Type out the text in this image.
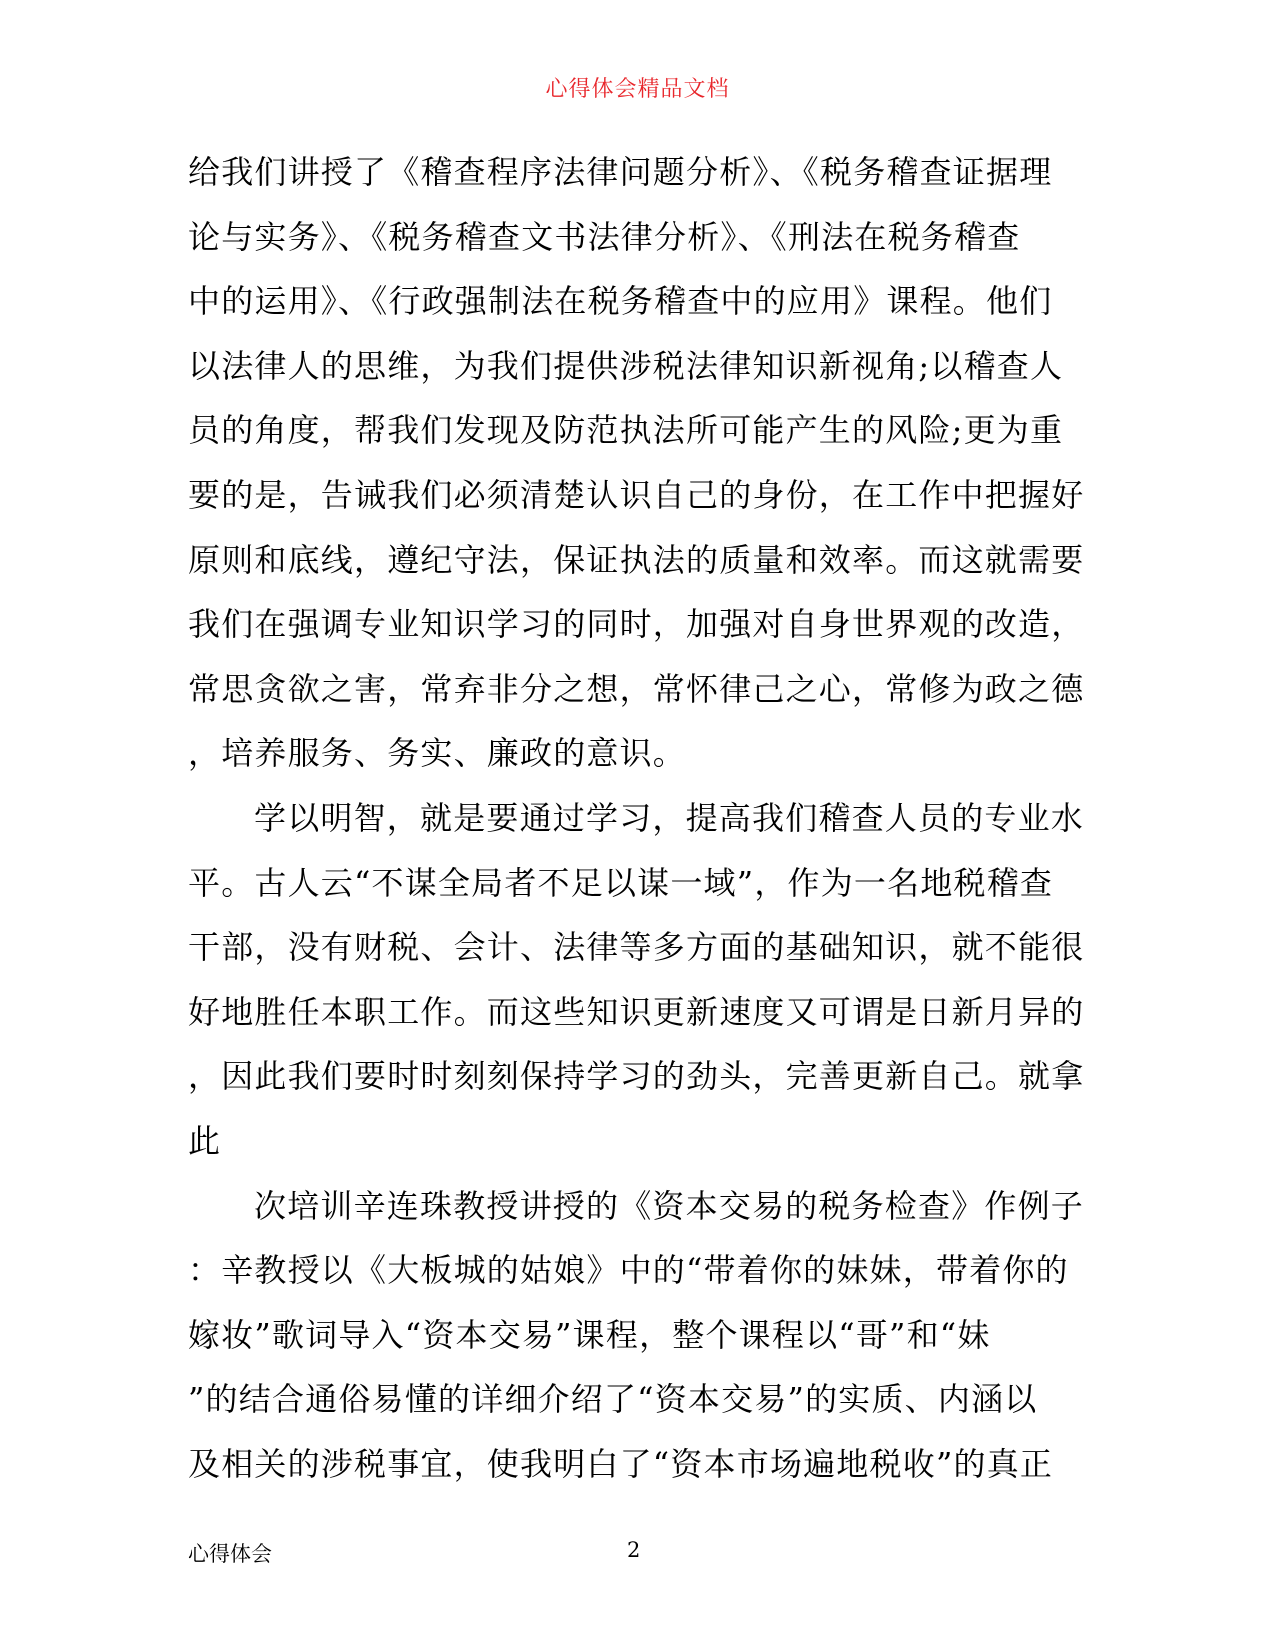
心得体会精品文档
给我们讲授了《稽查程序法律问题分析》、《税务稽查证据理
论与实务》、《税务稽查文书法律分析》、《刑法在税务稽查
中的运用》、《行政强制法在税务稽查中的应用》课程。他们
以法律人的思维，为我们提供涉税法律知识新视角;以稽查人
员的角度，帮我们发现及防范执法所可能产生的风险;更为重
要的是，告诫我们必须清楚认识自己的身份，在工作中把握好
原则和底线，遵纪守法，保证执法的质量和效率。而这就需要
我们在强调专业知识学习的同时，加强对自身世界观的改造，
常思贪欲之害，常弃非分之想，常怀律己之心，常修为政之德
，培养服务、务实、廉政的意识。
学以明智，就是要通过学习，提高我们稽查人员的专业水
平。古人云“不谋全局者不足以谋一域”，作为一名地税稽查
干部，没有财税、会计、法律等多方面的基础知识，就不能很
好地胜任本职工作。而这些知识更新速度又可谓是日新月异的
，因此我们要时时刻刻保持学习的劲头，完善更新自己。就拿
此
次培训辛连珠教授讲授的《资本交易的税务检查》作例子
：辛教授以《大板城的姑娘》中的“带着你的妹妹，带着你的
嫁妆”歌词导入“资本交易”课程，整个课程以“哥”和“妹
”的结合通俗易懂的详细介绍了“资本交易”的实质、内涵以
及相关的涉税事宜，使我明白了“资本市场遍地税收”的真正
心得体会	2
